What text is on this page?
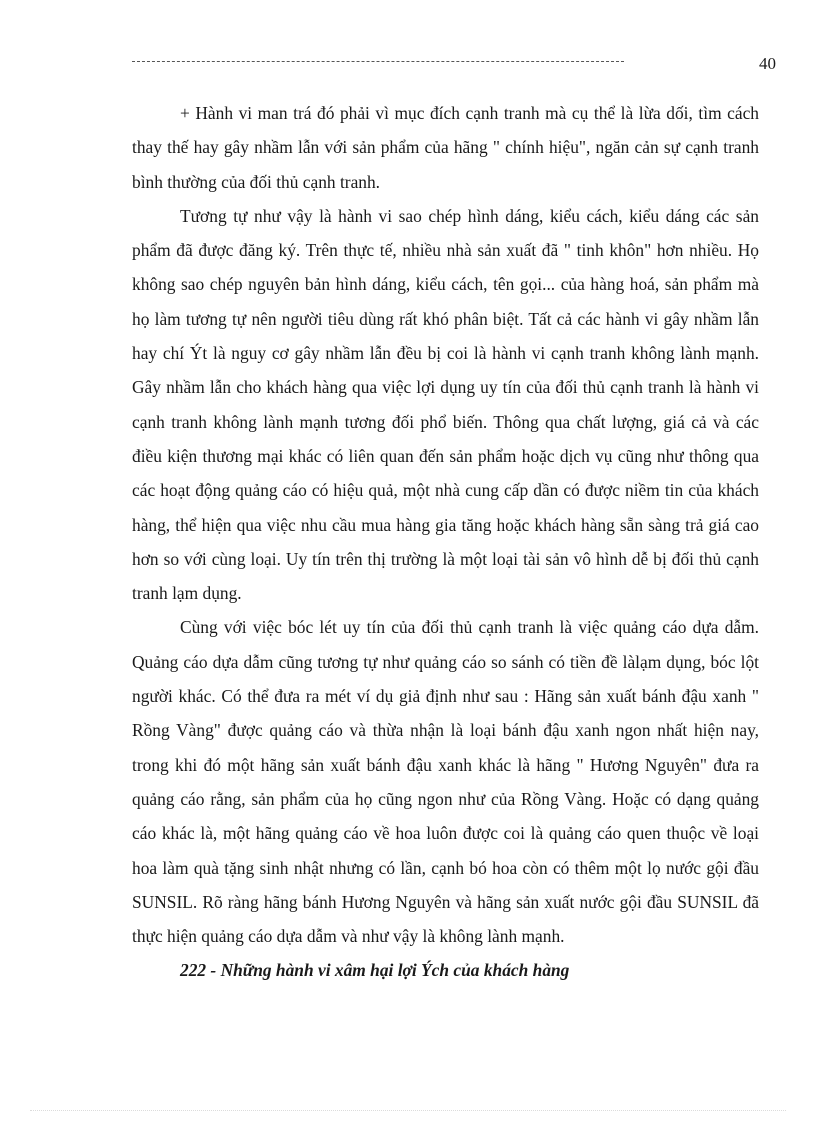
40

+ Hành vi man trá đó phải vì mục đích cạnh tranh mà cụ thể là lừa dối, tìm cách thay thế hay gây nhầm lẫn với sản phẩm của hãng " chính hiệu", ngăn cản sự cạnh tranh bình thường của đối thủ cạnh tranh.

Tương tự như vậy là hành vi sao chép hình dáng, kiểu cách, kiểu dáng các sản phẩm đã được đăng ký. Trên thực tế, nhiều nhà sản xuất đã " tinh khôn" hơn nhiều. Họ không sao chép nguyên bản hình dáng, kiểu cách, tên gọi... của hàng hoá, sản phẩm mà họ làm tương tự nên người tiêu dùng rất khó phân biệt. Tất cả các hành vi gây nhầm lẫn hay chí Ýt là nguy cơ gây nhầm lẫn đều bị coi là hành vi cạnh tranh không lành mạnh. Gây nhầm lẫn cho khách hàng qua việc lợi dụng uy tín của đối thủ cạnh tranh là hành vi cạnh tranh không lành mạnh tương đối phổ biến. Thông qua chất lượng, giá cả và các điều kiện thương mại khác có liên quan đến sản phẩm hoặc dịch vụ cũng như thông qua các hoạt động quảng cáo có hiệu quả, một nhà cung cấp dần có được niềm tin của khách hàng, thể hiện qua việc nhu cầu mua hàng gia tăng hoặc khách hàng sẵn sàng trả giá cao hơn so với cùng loại. Uy tín trên thị trường là một loại tài sản vô hình dễ bị đối thủ cạnh tranh lạm dụng.

Cùng với việc bóc lét uy tín của đối thủ cạnh tranh là việc quảng cáo dựa dẫm. Quảng cáo dựa dẫm cũng tương tự như quảng cáo so sánh có tiền đề làlạm dụng, bóc lột người khác. Có thể đưa ra mét ví dụ giả định như sau : Hãng sản xuất bánh đậu xanh " Rồng Vàng" được quảng cáo và thừa nhận là loại bánh đậu xanh ngon nhất hiện nay, trong khi đó một hãng sản xuất bánh đậu xanh khác là hãng " Hương Nguyên" đưa ra quảng cáo rằng, sản phẩm của họ cũng ngon như của Rồng Vàng. Hoặc có dạng quảng cáo khác là, một hãng quảng cáo về hoa luôn được coi là quảng cáo quen thuộc về loại hoa làm quà tặng sinh nhật nhưng có lần, cạnh bó hoa còn có thêm một lọ nước gội đầu SUNSIL. Rõ ràng hãng bánh Hương Nguyên và hãng sản xuất nước gội đầu SUNSIL đã thực hiện quảng cáo dựa dẫm và như vậy là không lành mạnh.

222 - Những hành vi xâm hại lợi Ých của khách hàng
